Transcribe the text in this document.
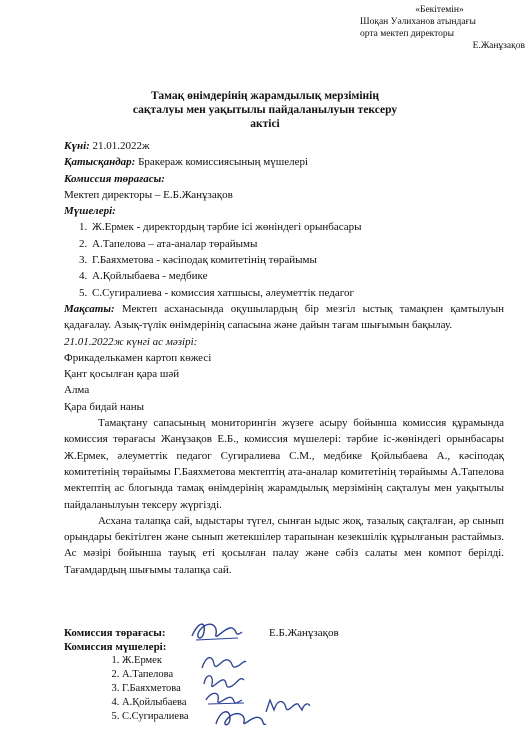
«Бекітемін»
Шоқан Уәлиханов атындағы
орта мектеп директоры
Е.Жанұзақов
Тамақ өнімдерінің жарамдылық мерзімінің
сақталуы мен уақытылы пайдаланылуын тексеру
актісі
Күні: 21.01.2022ж
Қатысқандар: Бракераж комиссиясының мүшелері
Комиссия төрағасы:
Мектеп директоры – Е.Б.Жанұзақов
Мүшелері:
1. Ж.Ермек - директордың тәрбие ісі жөніндегі орынбасары
2. А.Тапелова – ата-аналар төрайымы
3. Г.Баяхметова - кәсіподақ комитетінің төрайымы
4. А.Қойлыбаева - медбике
5. С.Сугиралиева - комиссия хатшысы, әлеуметтік педагог
Мақсаты: Мектеп асханасында оқушылардың бір мезгіл ыстық тамақпен қамтылуын қадағалау. Азық-түлік өнімдерінің сапасына және дайын тағам шығымын бақылау.
21.01.2022ж күнгі ас мәзірі:
Фрикаделькамен картоп көжесі
Қант қосылған қара шәй
Алма
Қара бидай наны
Тамақтану сапасының мониторингін жүзеге асыру бойынша комиссия құрамында комиссия төрағасы Жанұзақов Е.Б., комиссия мүшелері: тәрбие іс-жөніндегі орынбасары Ж.Ермек, әлеуметтік педагог Сугиралиева С.М., медбике Қойлыбаева А., кәсіподақ комитетінің төрайымы Г.Баяхметова мектептің ата-аналар комитетінің төрайымы А.Тапелова мектептің ас блогында тамақ өнімдерінің жарамдылық мерзімінің сақталуы мен уақытылы пайдаланылуын тексеру жүргізді.
Асхана талапқа сай, ыдыстары түгел, сынған ыдыс жоқ, тазалық сақталған, әр сынып орындары бекітілген және сынып жетекшілер тарапынан кезекшілік құрылғанын растаймыз. Ас мәзірі бойынша тауық еті қосылған палау және сәбіз салаты мен компот берілді. Тағамдардың шығымы талапқа сай.
Комиссия төрағасы:	Е.Б.Жанұзақов
Комиссия мүшелері:
1. Ж.Ермек
2. А.Тапелова
3. Г.Баяхметова
4. А.Қойлыбаева
5. С.Сугиралиева
